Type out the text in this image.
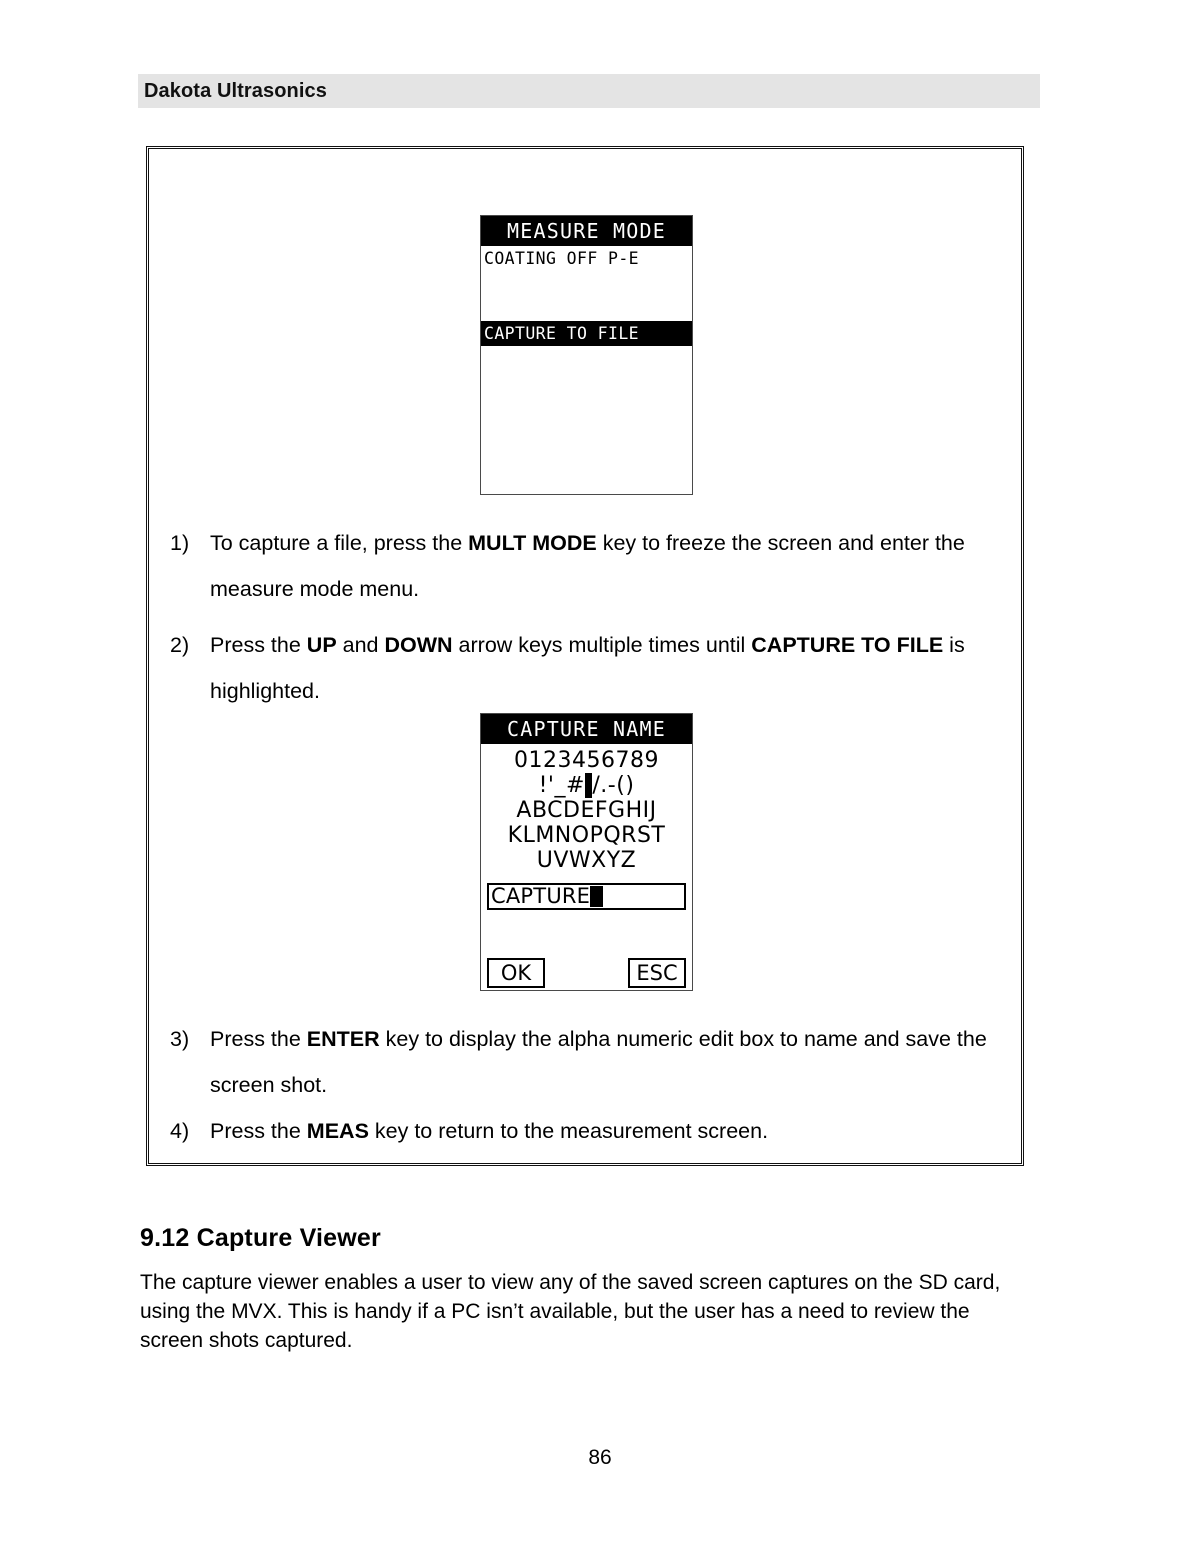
Dakota Ultrasonics
MEASURE MODE
COATING OFF P-E
CAPTURE TO FILE
1) To capture a file, press the MULT MODE key to freeze the screen and enter the measure mode menu.
2) Press the UP and DOWN arrow keys multiple times until CAPTURE TO FILE is highlighted.
CAPTURE NAME
0123456789
!'_# /.-()
ABCDEFGHIJ
KLMNOPQRST
UVWXYZ
CAPTURE
OK	ESC
3) Press the ENTER key to display the alpha numeric edit box to name and save the screen shot.
4) Press the MEAS key to return to the measurement screen.
9.12 Capture Viewer
The capture viewer enables a user to view any of the saved screen captures on the SD card, using the MVX. This is handy if a PC isn’t available, but the user has a need to review the screen shots captured.
86
